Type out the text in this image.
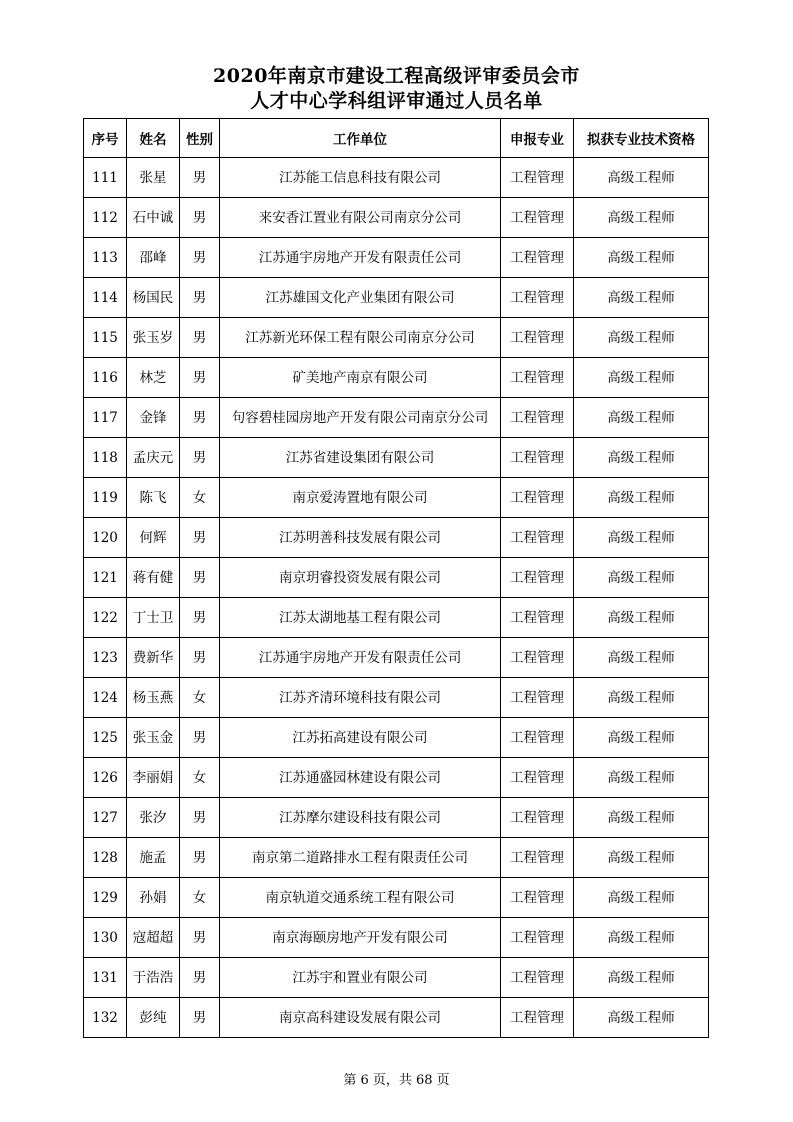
2020年南京市建设工程高级评审委员会市
人才中心学科组评审通过人员名单
序号	姓名	性别	工作单位	申报专业	拟获专业技术资格
111	张星	男	江苏能工信息科技有限公司	工程管理	高级工程师
112	石中诚	男	来安香江置业有限公司南京分公司	工程管理	高级工程师
113	邵峰	男	江苏通宇房地产开发有限责任公司	工程管理	高级工程师
114	杨国民	男	江苏雄国文化产业集团有限公司	工程管理	高级工程师
115	张玉岁	男	江苏新光环保工程有限公司南京分公司	工程管理	高级工程师
116	林芝	男	矿美地产南京有限公司	工程管理	高级工程师
117	金锋	男	句容碧桂园房地产开发有限公司南京分公司	工程管理	高级工程师
118	孟庆元	男	江苏省建设集团有限公司	工程管理	高级工程师
119	陈飞	女	南京爱涛置地有限公司	工程管理	高级工程师
120	何辉	男	江苏明善科技发展有限公司	工程管理	高级工程师
121	蒋有健	男	南京玥睿投资发展有限公司	工程管理	高级工程师
122	丁士卫	男	江苏太湖地基工程有限公司	工程管理	高级工程师
123	费新华	男	江苏通宇房地产开发有限责任公司	工程管理	高级工程师
124	杨玉燕	女	江苏齐清环境科技有限公司	工程管理	高级工程师
125	张玉金	男	江苏拓高建设有限公司	工程管理	高级工程师
126	李丽娟	女	江苏通盛园林建设有限公司	工程管理	高级工程师
127	张汐	男	江苏摩尔建设科技有限公司	工程管理	高级工程师
128	施孟	男	南京第二道路排水工程有限责任公司	工程管理	高级工程师
129	孙娟	女	南京轨道交通系统工程有限公司	工程管理	高级工程师
130	寇超超	男	南京海颐房地产开发有限公司	工程管理	高级工程师
131	于浩浩	男	江苏宇和置业有限公司	工程管理	高级工程师
132	彭纯	男	南京高科建设发展有限公司	工程管理	高级工程师
第 6 页，共 68 页
